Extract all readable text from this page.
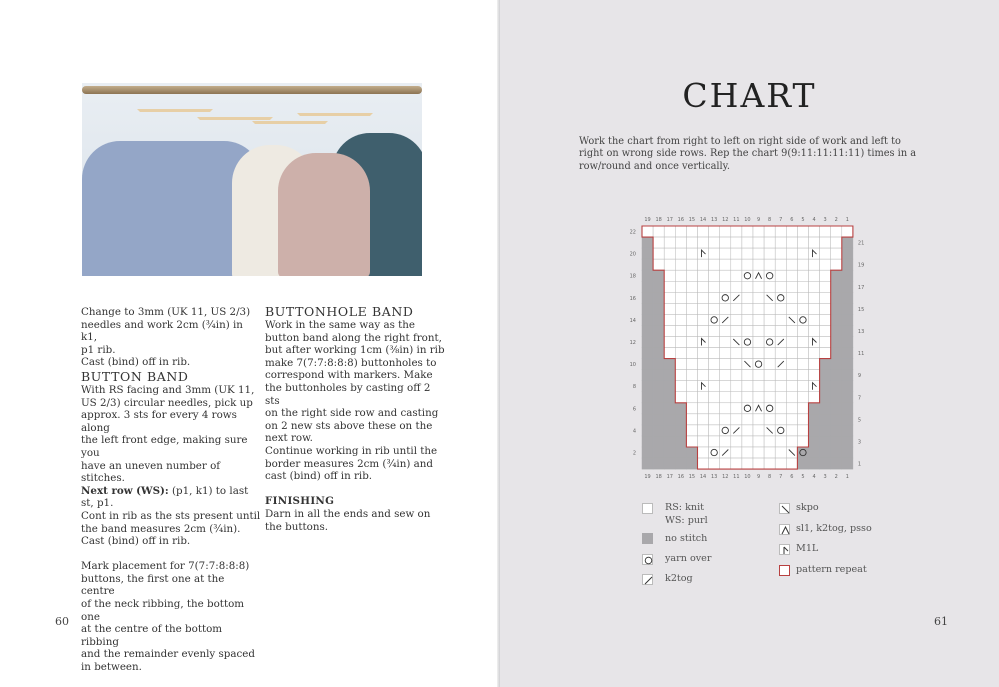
Change to 3mm (UK 11, US 2/3)

needles and work 2cm (¾in) in k1,

p1 rib.

Cast (bind) off in rib.

BUTTON BAND

With RS facing and 3mm (UK 11,

US 2/3) circular needles, pick up

approx. 3 sts for every 4 rows along

the left front edge, making sure you

have an uneven number of stitches.

Next row (WS): (p1, k1) to last

st, p1.

Cont in rib as the sts present until

the band measures 2cm (¾in).

Cast (bind) off in rib.

Mark placement for 7(7:7:8:8:8)

buttons, the first one at the centre

of the neck ribbing, the bottom one

at the centre of the bottom ribbing

and the remainder evenly spaced

in between.

BUTTONHOLE BAND

Work in the same way as the

button band along the right front,

but after working 1cm (⅜in) in rib

make 7(7:7:8:8:8) buttonholes to

correspond with markers. Make

the buttonholes by casting off 2 sts

on the right side row and casting

on 2 new sts above these on the

next row.

Continue working in rib until the

border measures 2cm (¾in) and

cast (bind) off in rib.

FINISHING

Darn in all the ends and sew on

the buttons.

60
CHART
Work the chart from right to left on right side of work and left to right on wrong side rows. Rep the chart 9(9:11:11:11:11) times in a row/round and once vertically.
19 18 17 16 15 14 13 12 11 10 9 8 7 6 5 4 3 2 1
19 18 17 16 15 14 13 12 11 10 9 8 7 6 5 4 3 2 1
22
20
18
16
14
12
10
8
6
4
2
21
19
17
15
13
11
9
7
5
3
1
RS: knit
WS: purl
no stitch
yarn over
k2tog
skpo
sl1, k2tog, psso
M1L
pattern repeat
61
